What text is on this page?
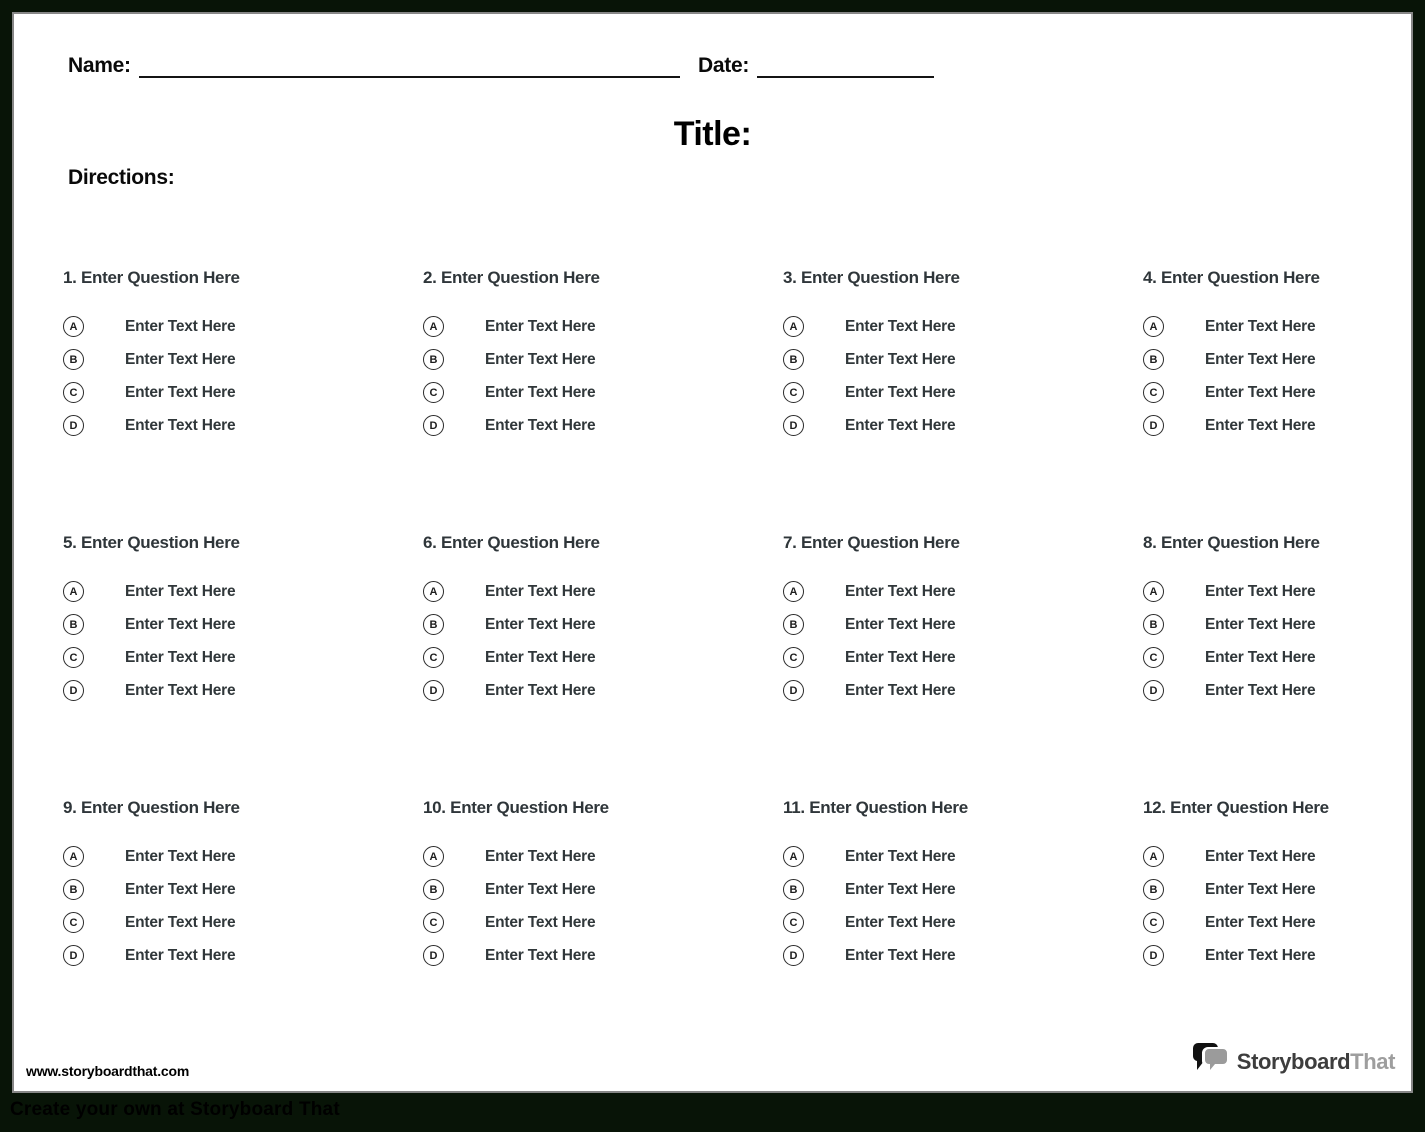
Name:	Date:
Title:
Directions:
1. Enter Question Here
A	Enter Text Here
B	Enter Text Here
C	Enter Text Here
D	Enter Text Here
2. Enter Question Here
A	Enter Text Here
B	Enter Text Here
C	Enter Text Here
D	Enter Text Here
3. Enter Question Here
A	Enter Text Here
B	Enter Text Here
C	Enter Text Here
D	Enter Text Here
4. Enter Question Here
A	Enter Text Here
B	Enter Text Here
C	Enter Text Here
D	Enter Text Here
5. Enter Question Here
A	Enter Text Here
B	Enter Text Here
C	Enter Text Here
D	Enter Text Here
6. Enter Question Here
A	Enter Text Here
B	Enter Text Here
C	Enter Text Here
D	Enter Text Here
7. Enter Question Here
A	Enter Text Here
B	Enter Text Here
C	Enter Text Here
D	Enter Text Here
8. Enter Question Here
A	Enter Text Here
B	Enter Text Here
C	Enter Text Here
D	Enter Text Here
9. Enter Question Here
A	Enter Text Here
B	Enter Text Here
C	Enter Text Here
D	Enter Text Here
10. Enter Question Here
A	Enter Text Here
B	Enter Text Here
C	Enter Text Here
D	Enter Text Here
11. Enter Question Here
A	Enter Text Here
B	Enter Text Here
C	Enter Text Here
D	Enter Text Here
12. Enter Question Here
A	Enter Text Here
B	Enter Text Here
C	Enter Text Here
D	Enter Text Here
www.storyboardthat.com	StoryboardThat
Create your own at Storyboard That
